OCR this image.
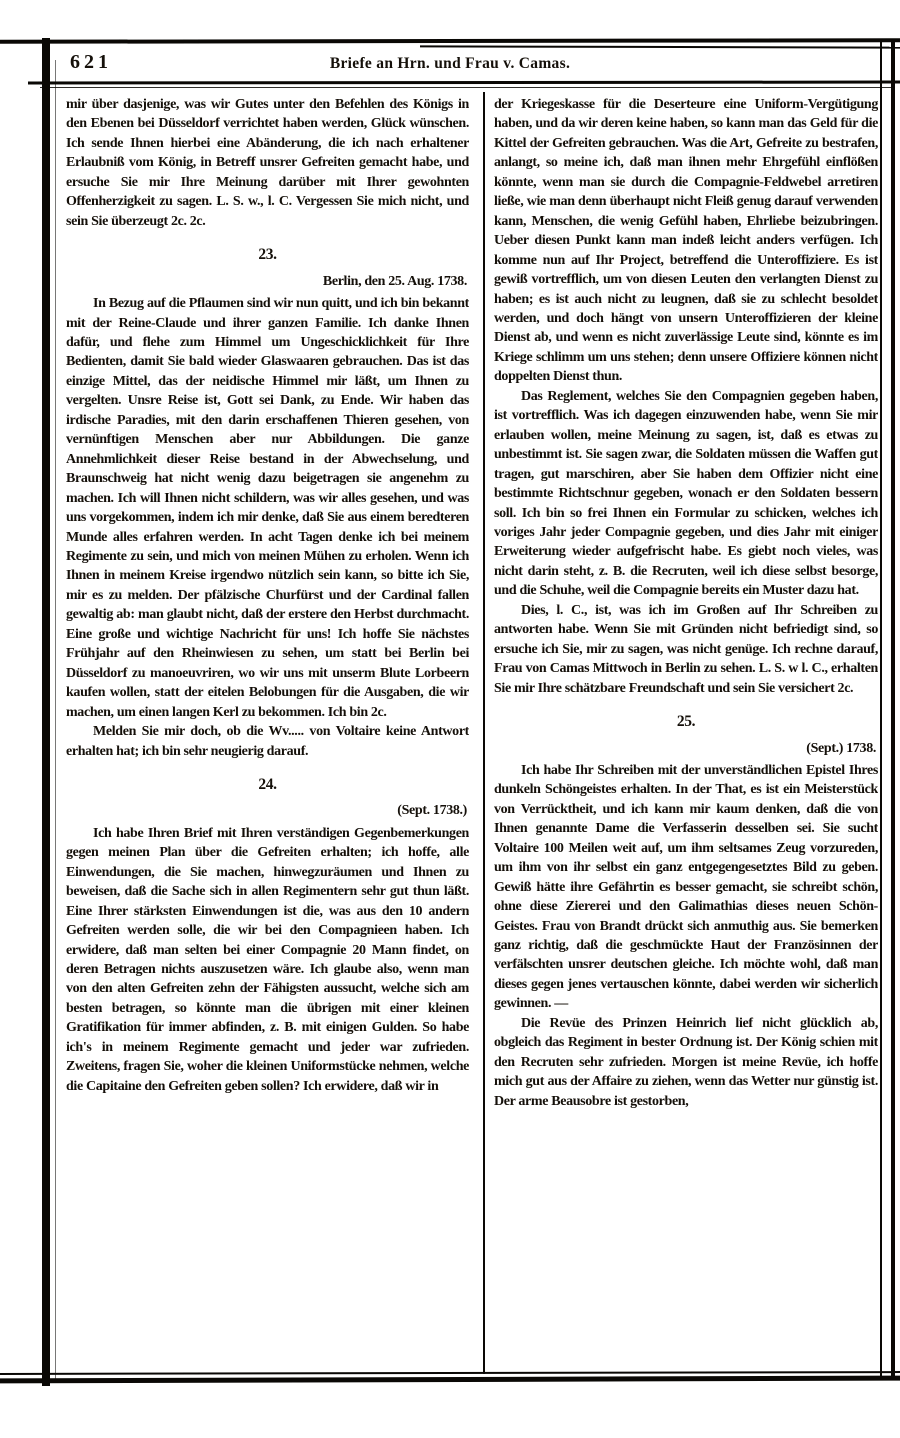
621	Briefe an Hrn. und Frau v. Camas.
mir über dasjenige, was wir Gutes unter den Befehlen des Königs in den Ebenen bei Düsseldorf verrichtet haben werden, Glück wünschen. Ich sende Ihnen hierbei eine Abänderung, die ich nach erhaltener Erlaubniß vom König, in Betreff unsrer Gefreiten gemacht habe, und ersuche Sie mir Ihre Meinung darüber mit Ihrer gewohnten Offenherzigkeit zu sagen. L. S. w., l. C. Vergessen Sie mich nicht, und sein Sie überzeugt 2c. 2c.
23.
Berlin, den 25. Aug. 1738.
In Bezug auf die Pflaumen sind wir nun quitt, und ich bin bekannt mit der Reine-Claude und ihrer ganzen Familie. Ich danke Ihnen dafür, und flehe zum Himmel um Ungeschicklichkeit für Ihre Bedienten, damit Sie bald wieder Glaswaaren gebrauchen. Das ist das einzige Mittel, das der neidische Himmel mir läßt, um Ihnen zu vergelten. Unsre Reise ist, Gott sei Dank, zu Ende. Wir haben das irdische Paradies, mit den darin erschaffenen Thieren gesehen, von vernünftigen Menschen aber nur Abbildungen. Die ganze Annehmlichkeit dieser Reise bestand in der Abwechselung, und Braunschweig hat nicht wenig dazu beigetragen sie angenehm zu machen. Ich will Ihnen nicht schildern, was wir alles gesehen, und was uns vorgekommen, indem ich mir denke, daß Sie aus einem beredteren Munde alles erfahren werden. In acht Tagen denke ich bei meinem Regimente zu sein, und mich von meinen Mühen zu erholen. Wenn ich Ihnen in meinem Kreise irgendwo nützlich sein kann, so bitte ich Sie, mir es zu melden. Der pfälzische Churfürst und der Cardinal fallen gewaltig ab: man glaubt nicht, daß der erstere den Herbst durchmacht. Eine große und wichtige Nachricht für uns! Ich hoffe Sie nächstes Frühjahr auf den Rheinwiesen zu sehen, um statt bei Berlin bei Düsseldorf zu manoeuvriren, wo wir uns mit unserm Blute Lorbeern kaufen wollen, statt der eitelen Belobungen für die Ausgaben, die wir machen, um einen langen Kerl zu bekommen. Ich bin 2c.
Melden Sie mir doch, ob die Wv..... von Voltaire keine Antwort erhalten hat; ich bin sehr neugierig darauf.
24.
(Sept. 1738.)
Ich habe Ihren Brief mit Ihren verständigen Gegenbemerkungen gegen meinen Plan über die Gefreiten erhalten; ich hoffe, alle Einwendungen, die Sie machen, hinwegzuräumen und Ihnen zu beweisen, daß die Sache sich in allen Regimentern sehr gut thun läßt. Eine Ihrer stärksten Einwendungen ist die, was aus den 10 andern Gefreiten werden solle, die wir bei den Compagnieen haben. Ich erwidere, daß man selten bei einer Compagnie 20 Mann findet, on deren Betragen nichts auszusetzen wäre. Ich glaube also, wenn man von den alten Gefreiten zehn der Fähigsten aussucht, welche sich am besten betragen, so könnte man die übrigen mit einer kleinen Gratifikation für immer abfinden, z. B. mit einigen Gulden. So habe ich's in meinem Regimente gemacht und jeder war zufrieden. Zweitens, fragen Sie, woher die kleinen Uniformstücke nehmen, welche die Capitaine den Gefreiten geben sollen? Ich erwidere, daß wir in
der Kriegeskasse für die Deserteure eine Uniform-Vergütigung haben, und da wir deren keine haben, so kann man das Geld für die Kittel der Gefreiten gebrauchen. Was die Art, Gefreite zu bestrafen, anlangt, so meine ich, daß man ihnen mehr Ehrgefühl einflößen könnte, wenn man sie durch die Compagnie-Feldwebel arretiren ließe, wie man denn überhaupt nicht Fleiß genug darauf verwenden kann, Menschen, die wenig Gefühl haben, Ehrliebe beizubringen. Ueber diesen Punkt kann man indeß leicht anders verfügen. Ich komme nun auf Ihr Project, betreffend die Unteroffiziere. Es ist gewiß vortrefflich, um von diesen Leuten den verlangten Dienst zu haben; es ist auch nicht zu leugnen, daß sie zu schlecht besoldet werden, und doch hängt von unsern Unteroffizieren der kleine Dienst ab, und wenn es nicht zuverlässige Leute sind, könnte es im Kriege schlimm um uns stehen; denn unsere Offiziere können nicht doppelten Dienst thun.
Das Reglement, welches Sie den Compagnien gegeben haben, ist vortrefflich. Was ich dagegen einzuwenden habe, wenn Sie mir erlauben wollen, meine Meinung zu sagen, ist, daß es etwas zu unbestimmt ist. Sie sagen zwar, die Soldaten müssen die Waffen gut tragen, gut marschiren, aber Sie haben dem Offizier nicht eine bestimmte Richtschnur gegeben, wonach er den Soldaten bessern soll. Ich bin so frei Ihnen ein Formular zu schicken, welches ich voriges Jahr jeder Compagnie gegeben, und dies Jahr mit einiger Erweiterung wieder aufgefrischt habe. Es giebt noch vieles, was nicht darin steht, z. B. die Recruten, weil ich diese selbst besorge, und die Schuhe, weil die Compagnie bereits ein Muster dazu hat.
Dies, l. C., ist, was ich im Großen auf Ihr Schreiben zu antworten habe. Wenn Sie mit Gründen nicht befriedigt sind, so ersuche ich Sie, mir zu sagen, was nicht genüge. Ich rechne darauf, Frau von Camas Mittwoch in Berlin zu sehen. L. S. w l. C., erhalten Sie mir Ihre schätzbare Freundschaft und sein Sie versichert 2c.
25.
(Sept.) 1738.
Ich habe Ihr Schreiben mit der unverständlichen Epistel Ihres dunkeln Schöngeistes erhalten. In der That, es ist ein Meisterstück von Verrücktheit, und ich kann mir kaum denken, daß die von Ihnen genannte Dame die Verfasserin desselben sei. Sie sucht Voltaire 100 Meilen weit auf, um ihm seltsames Zeug vorzureden, um ihm von ihr selbst ein ganz entgegengesetztes Bild zu geben. Gewiß hätte ihre Gefährtin es besser gemacht, sie schreibt schön, ohne diese Ziererei und den Galimathias dieses neuen Schön-Geistes. Frau von Brandt drückt sich anmuthig aus. Sie bemerken ganz richtig, daß die geschmückte Haut der Französinnen der verfälschten unsrer deutschen gleiche. Ich möchte wohl, daß man dieses gegen jenes vertauschen könnte, dabei werden wir sicherlich gewinnen. —
Die Revüe des Prinzen Heinrich lief nicht glücklich ab, obgleich das Regiment in bester Ordnung ist. Der König schien mit den Recruten sehr zufrieden. Morgen ist meine Revüe, ich hoffe mich gut aus der Affaire zu ziehen, wenn das Wetter nur günstig ist. Der arme Beausobre ist gestorben,
